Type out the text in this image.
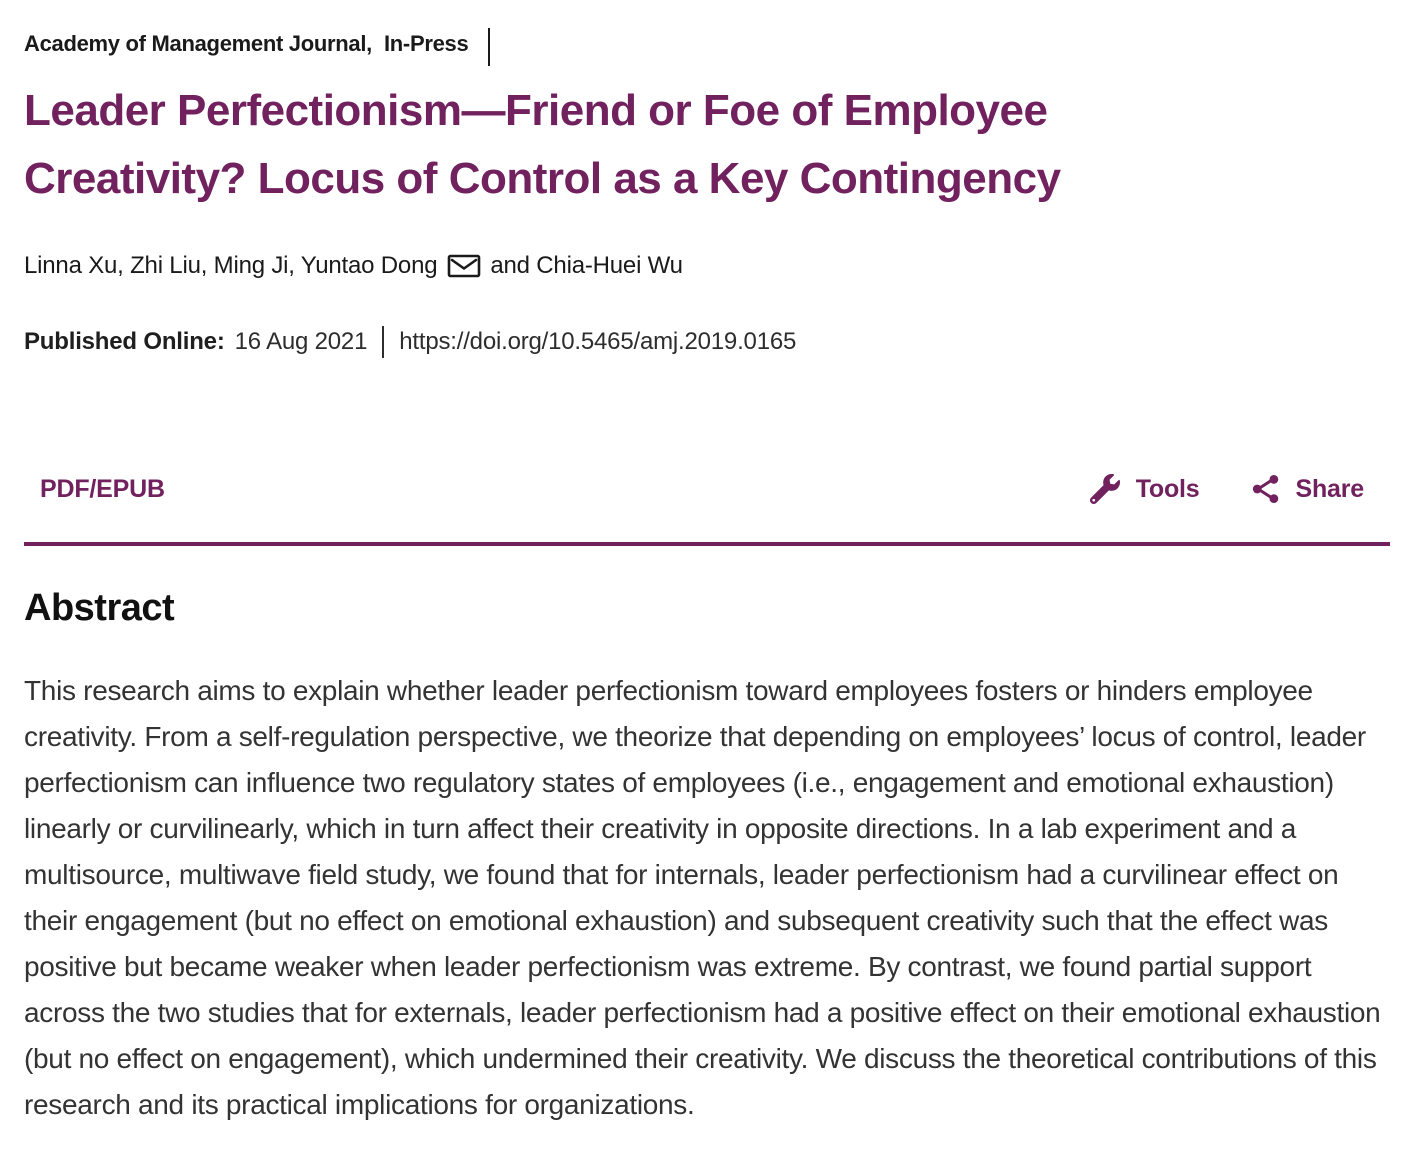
Academy of Management Journal, In-Press
Leader Perfectionism—Friend or Foe of Employee Creativity? Locus of Control as a Key Contingency
Linna Xu, Zhi Liu, Ming Ji, Yuntao Dong and Chia-Huei Wu
Published Online: 16 Aug 2021 https://doi.org/10.5465/amj.2019.0165
PDF/EPUB	Tools	Share
Abstract

This research aims to explain whether leader perfectionism toward employees fosters or hinders employee creativity. From a self-regulation perspective, we theorize that depending on employees’ locus of control, leader perfectionism can influence two regulatory states of employees (i.e., engagement and emotional exhaustion) linearly or curvilinearly, which in turn affect their creativity in opposite directions. In a lab experiment and a multisource, multiwave field study, we found that for internals, leader perfectionism had a curvilinear effect on their engagement (but no effect on emotional exhaustion) and subsequent creativity such that the effect was positive but became weaker when leader perfectionism was extreme. By contrast, we found partial support across the two studies that for externals, leader perfectionism had a positive effect on their emotional exhaustion (but no effect on engagement), which undermined their creativity. We discuss the theoretical contributions of this research and its practical implications for organizations.
